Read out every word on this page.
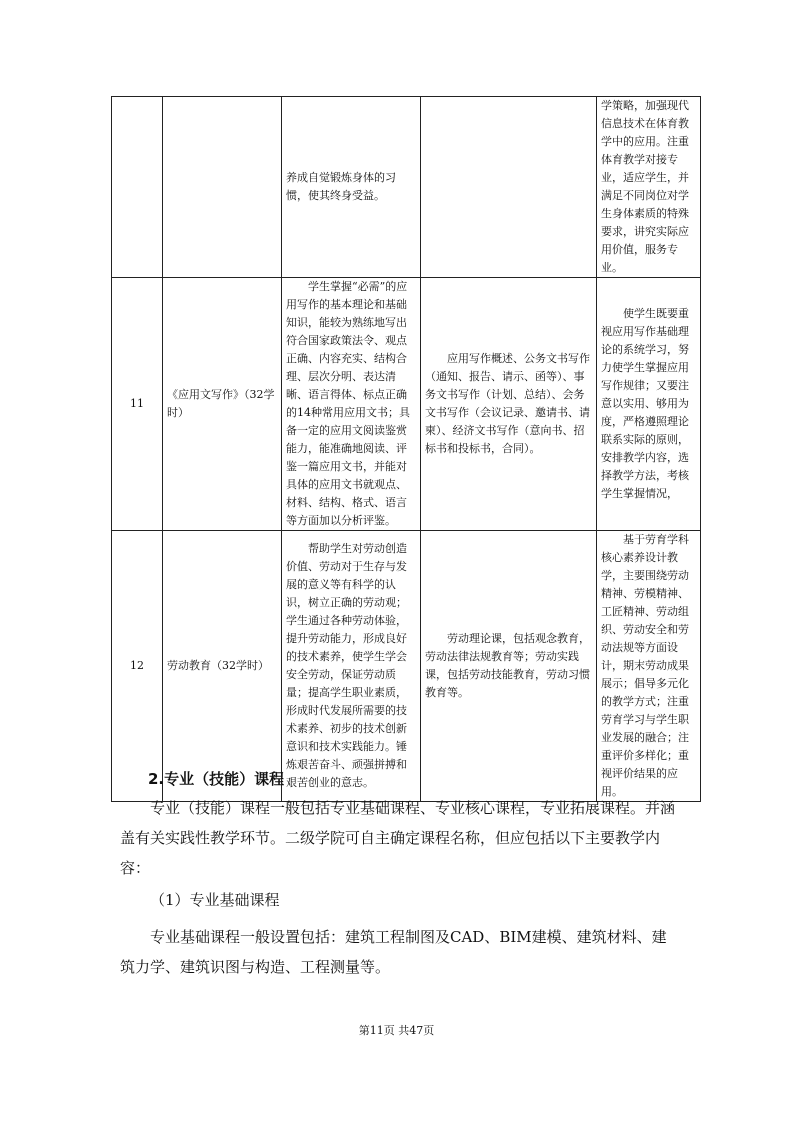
		养成自觉锻炼身体的习惯，使其终身受益。		学策略，加强现代信息技术在体育教学中的应用。注重体育教学对接专业，适应学生，并满足不同岗位对学生身体素质的特殊要求，讲究实际应用价值，服务专业。
11	《应用文写作》（32学时）	学生掌握“必需”的应用写作的基本理论和基础知识，能较为熟练地写出符合国家政策法令、观点正确、内容充实、结构合理、层次分明、表达清晰、语言得体、标点正确的14种常用应用文书；具备一定的应用文阅读鉴赏能力，能准确地阅读、评鉴一篇应用文书，并能对具体的应用文书就观点、材料、结构、格式、语言等方面加以分析评鉴。	应用写作概述、公务文书写作（通知、报告、请示、函等）、事务文书写作（计划、总结）、会务文书写作（会议记录、邀请书、请柬）、经济文书写作（意向书、招标书和投标书，合同）。	使学生既要重视应用写作基础理论的系统学习，努力使学生掌握应用写作规律；又要注意以实用、够用为度，严格遵照理论联系实际的原则，安排教学内容，选择教学方法，考核学生掌握情况，
12	劳动教育（32学时）	帮助学生对劳动创造价值、劳动对于生存与发展的意义等有科学的认识，树立正确的劳动观；学生通过各种劳动体验，提升劳动能力，形成良好的技术素养，使学生学会安全劳动，保证劳动质量；提高学生职业素质，形成时代发展所需要的技术素养、初步的技术创新意识和技术实践能力。锤炼艰苦奋斗、顽强拼搏和艰苦创业的意志。	劳动理论课，包括观念教育，劳动法律法规教育等；劳动实践课，包括劳动技能教育，劳动习惯教育等。	基于劳育学科核心素养设计教学，主要围绕劳动精神、劳模精神、工匠精神、劳动组织、劳动安全和劳动法规等方面设计，期末劳动成果展示；倡导多元化的教学方式；注重劳育学习与学生职业发展的融合；注重评价多样化；重视评价结果的应用。
2.专业（技能）课程
专业（技能）课程一般包括专业基础课程、专业核心课程，专业拓展课程。并涵盖有关实践性教学环节。二级学院可自主确定课程名称，但应包括以下主要教学内容：
（1）专业基础课程
专业基础课程一般设置包括：建筑工程制图及CAD、BIM建模、建筑材料、建筑力学、建筑识图与构造、工程测量等。
第11页 共47页
